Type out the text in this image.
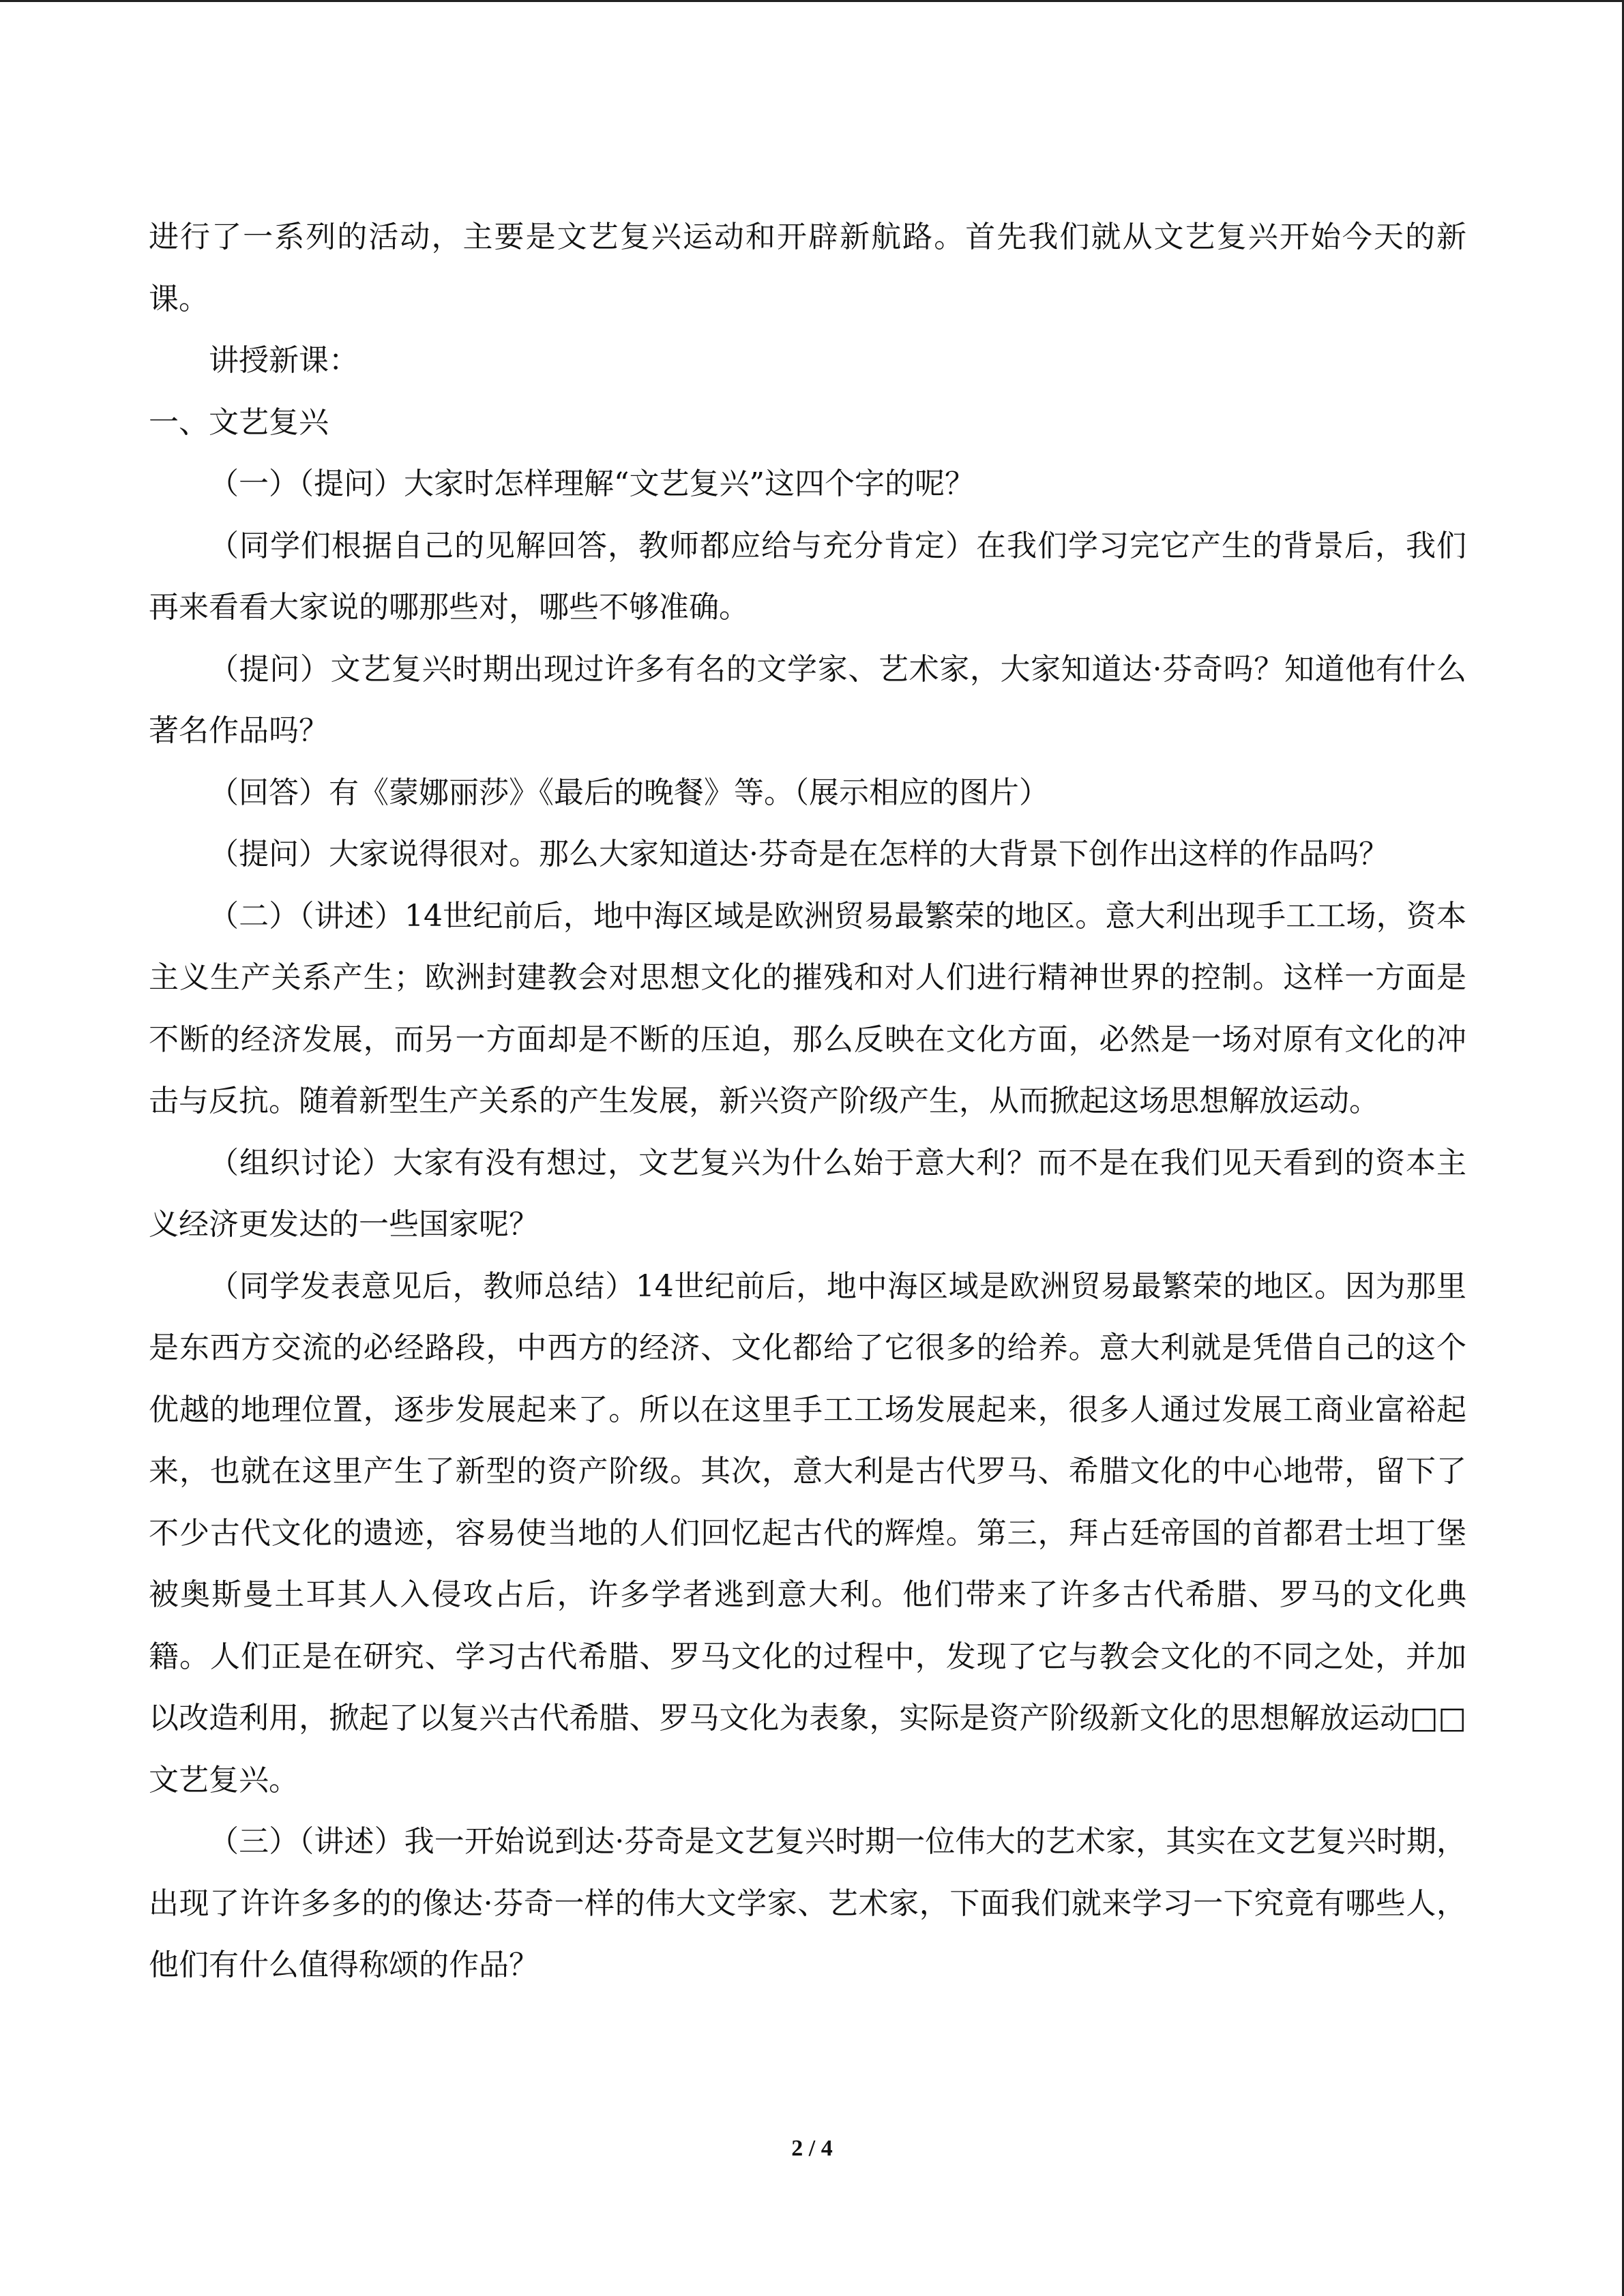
进行了一系列的活动，主要是文艺复兴运动和开辟新航路。首先我们就从文艺复兴开始今天的新课。

讲授新课：

一、文艺复兴

（一）（提问）大家时怎样理解“文艺复兴”这四个字的呢？

（同学们根据自己的见解回答，教师都应给与充分肯定）在我们学习完它产生的背景后，我们再来看看大家说的哪那些对，哪些不够准确。

（提问）文艺复兴时期出现过许多有名的文学家、艺术家，大家知道达·芬奇吗？知道他有什么著名作品吗？

（回答）有《蒙娜丽莎》《最后的晚餐》等。（展示相应的图片）

（提问）大家说得很对。那么大家知道达·芬奇是在怎样的大背景下创作出这样的作品吗？

（二）（讲述）14世纪前后，地中海区域是欧洲贸易最繁荣的地区。意大利出现手工工场，资本主义生产关系产生；欧洲封建教会对思想文化的摧残和对人们进行精神世界的控制。这样一方面是不断的经济发展，而另一方面却是不断的压迫，那么反映在文化方面，必然是一场对原有文化的冲击与反抗。随着新型生产关系的产生发展，新兴资产阶级产生，从而掀起这场思想解放运动。

（组织讨论）大家有没有想过，文艺复兴为什么始于意大利？而不是在我们见天看到的资本主义经济更发达的一些国家呢？

（同学发表意见后，教师总结）14世纪前后，地中海区域是欧洲贸易最繁荣的地区。因为那里是东西方交流的必经路段，中西方的经济、文化都给了它很多的给养。意大利就是凭借自己的这个优越的地理位置，逐步发展起来了。所以在这里手工工场发展起来，很多人通过发展工商业富裕起来，也就在这里产生了新型的资产阶级。其次，意大利是古代罗马、希腊文化的中心地带，留下了不少古代文化的遗迹，容易使当地的人们回忆起古代的辉煌。第三，拜占廷帝国的首都君士坦丁堡被奥斯曼土耳其人入侵攻占后，许多学者逃到意大利。他们带来了许多古代希腊、罗马的文化典籍。人们正是在研究、学习古代希腊、罗马文化的过程中，发现了它与教会文化的不同之处，并加以改造利用，掀起了以复兴古代希腊、罗马文化为表象，实际是资产阶级新文化的思想解放运动□□文艺复兴。

（三）（讲述）我一开始说到达·芬奇是文艺复兴时期一位伟大的艺术家，其实在文艺复兴时期，出现了许许多多的的像达·芬奇一样的伟大文学家、艺术家，下面我们就来学习一下究竟有哪些人，他们有什么值得称颂的作品？

2 / 4
